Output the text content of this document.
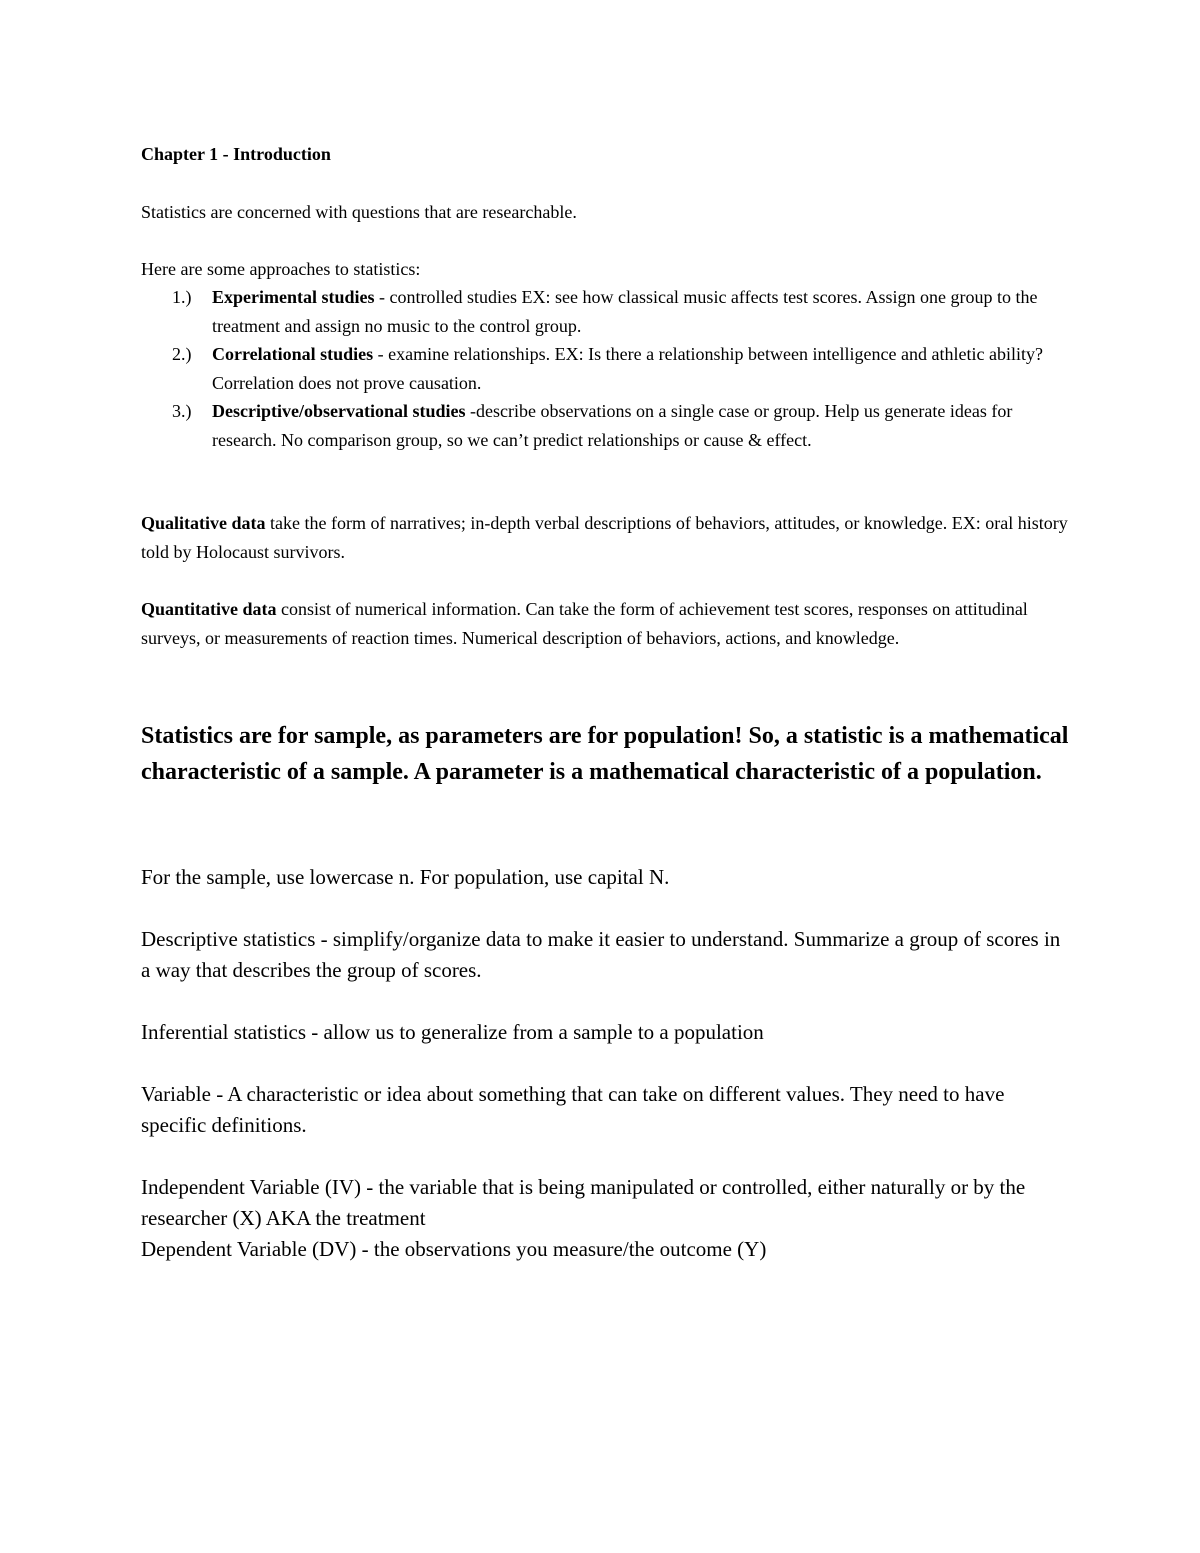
Chapter 1 - Introduction
Statistics are concerned with questions that are researchable.
Here are some approaches to statistics:
1.) Experimental studies - controlled studies EX: see how classical music affects test scores. Assign one group to the treatment and assign no music to the control group.
2.) Correlational studies - examine relationships. EX: Is there a relationship between intelligence and athletic ability? Correlation does not prove causation.
3.) Descriptive/observational studies -describe observations on a single case or group. Help us generate ideas for research. No comparison group, so we can’t predict relationships or cause & effect.
Qualitative data take the form of narratives; in-depth verbal descriptions of behaviors, attitudes, or knowledge. EX: oral history told by Holocaust survivors.
Quantitative data consist of numerical information. Can take the form of achievement test scores, responses on attitudinal surveys, or measurements of reaction times. Numerical description of behaviors, actions, and knowledge.
Statistics are for sample, as parameters are for population! So, a statistic is a mathematical characteristic of a sample. A parameter is a mathematical characteristic of a population.
For the sample, use lowercase n. For population, use capital N.
Descriptive statistics - simplify/organize data to make it easier to understand. Summarize a group of scores in a way that describes the group of scores.
Inferential statistics - allow us to generalize from a sample to a population
Variable - A characteristic or idea about something that can take on different values. They need to have specific definitions.
Independent Variable (IV) - the variable that is being manipulated or controlled, either naturally or by the researcher (X) AKA the treatment
Dependent Variable (DV) - the observations you measure/the outcome (Y)
